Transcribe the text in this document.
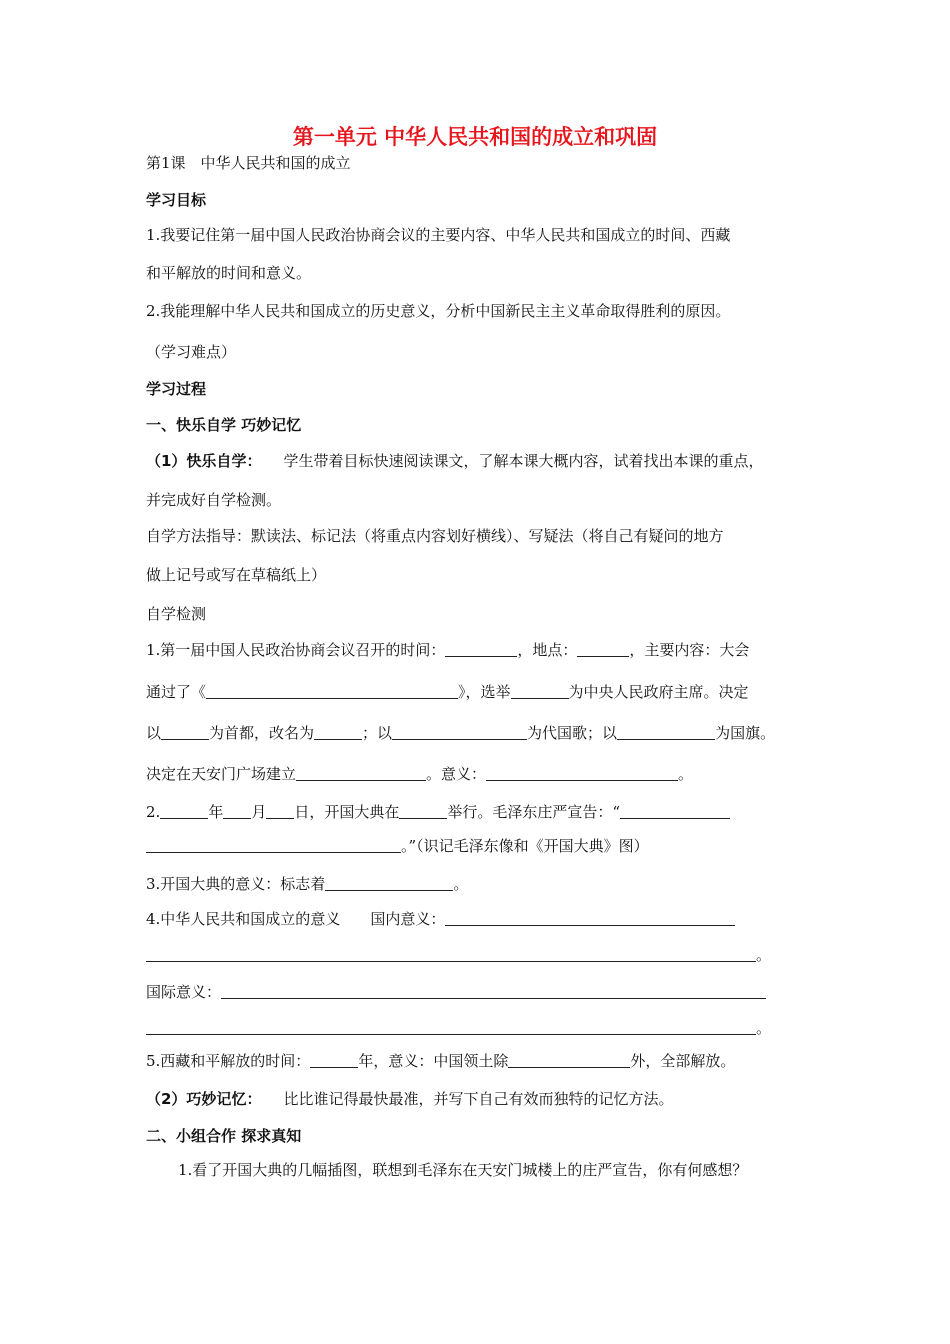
第一单元 中华人民共和国的成立和巩固
第1课　中华人民共和国的成立
学习目标
1.我要记住第一届中国人民政治协商会议的主要内容、中华人民共和国成立的时间、西藏
和平解放的时间和意义。
2.我能理解中华人民共和国成立的历史意义，分析中国新民主主义革命取得胜利的原因。
（学习难点）
学习过程
一、快乐自学 巧妙记忆
（1）快乐自学： 学生带着目标快速阅读课文，了解本课大概内容，试着找出本课的重点，
并完成好自学检测。
自学方法指导：默读法、标记法（将重点内容划好横线）、写疑法（将自己有疑问的地方
做上记号或写在草稿纸上）
自学检测
1.第一届中国人民政治协商会议召开的时间：	，地点：	，主要内容：大会
通过了《	》，选举	为中央人民政府主席。决定
以	为首都，改名为	；以	为代国歌；以	为国旗。
决定在天安门广场建立	。意义：	。
2.	年 月 日，开国大典在	举行。毛泽东庄严宣告：“
。”（识记毛泽东像和《开国大典》图）
3.开国大典的意义：标志着	。
4.中华人民共和国成立的意义　　国内意义：
。
国际意义：
。
5.西藏和平解放的时间：	年，意义：中国领土除	外，全部解放。
（2）巧妙记忆： 比比谁记得最快最准，并写下自己有效而独特的记忆方法。
二、小组合作 探求真知
1.看了开国大典的几幅插图，联想到毛泽东在天安门城楼上的庄严宣告，你有何感想？
